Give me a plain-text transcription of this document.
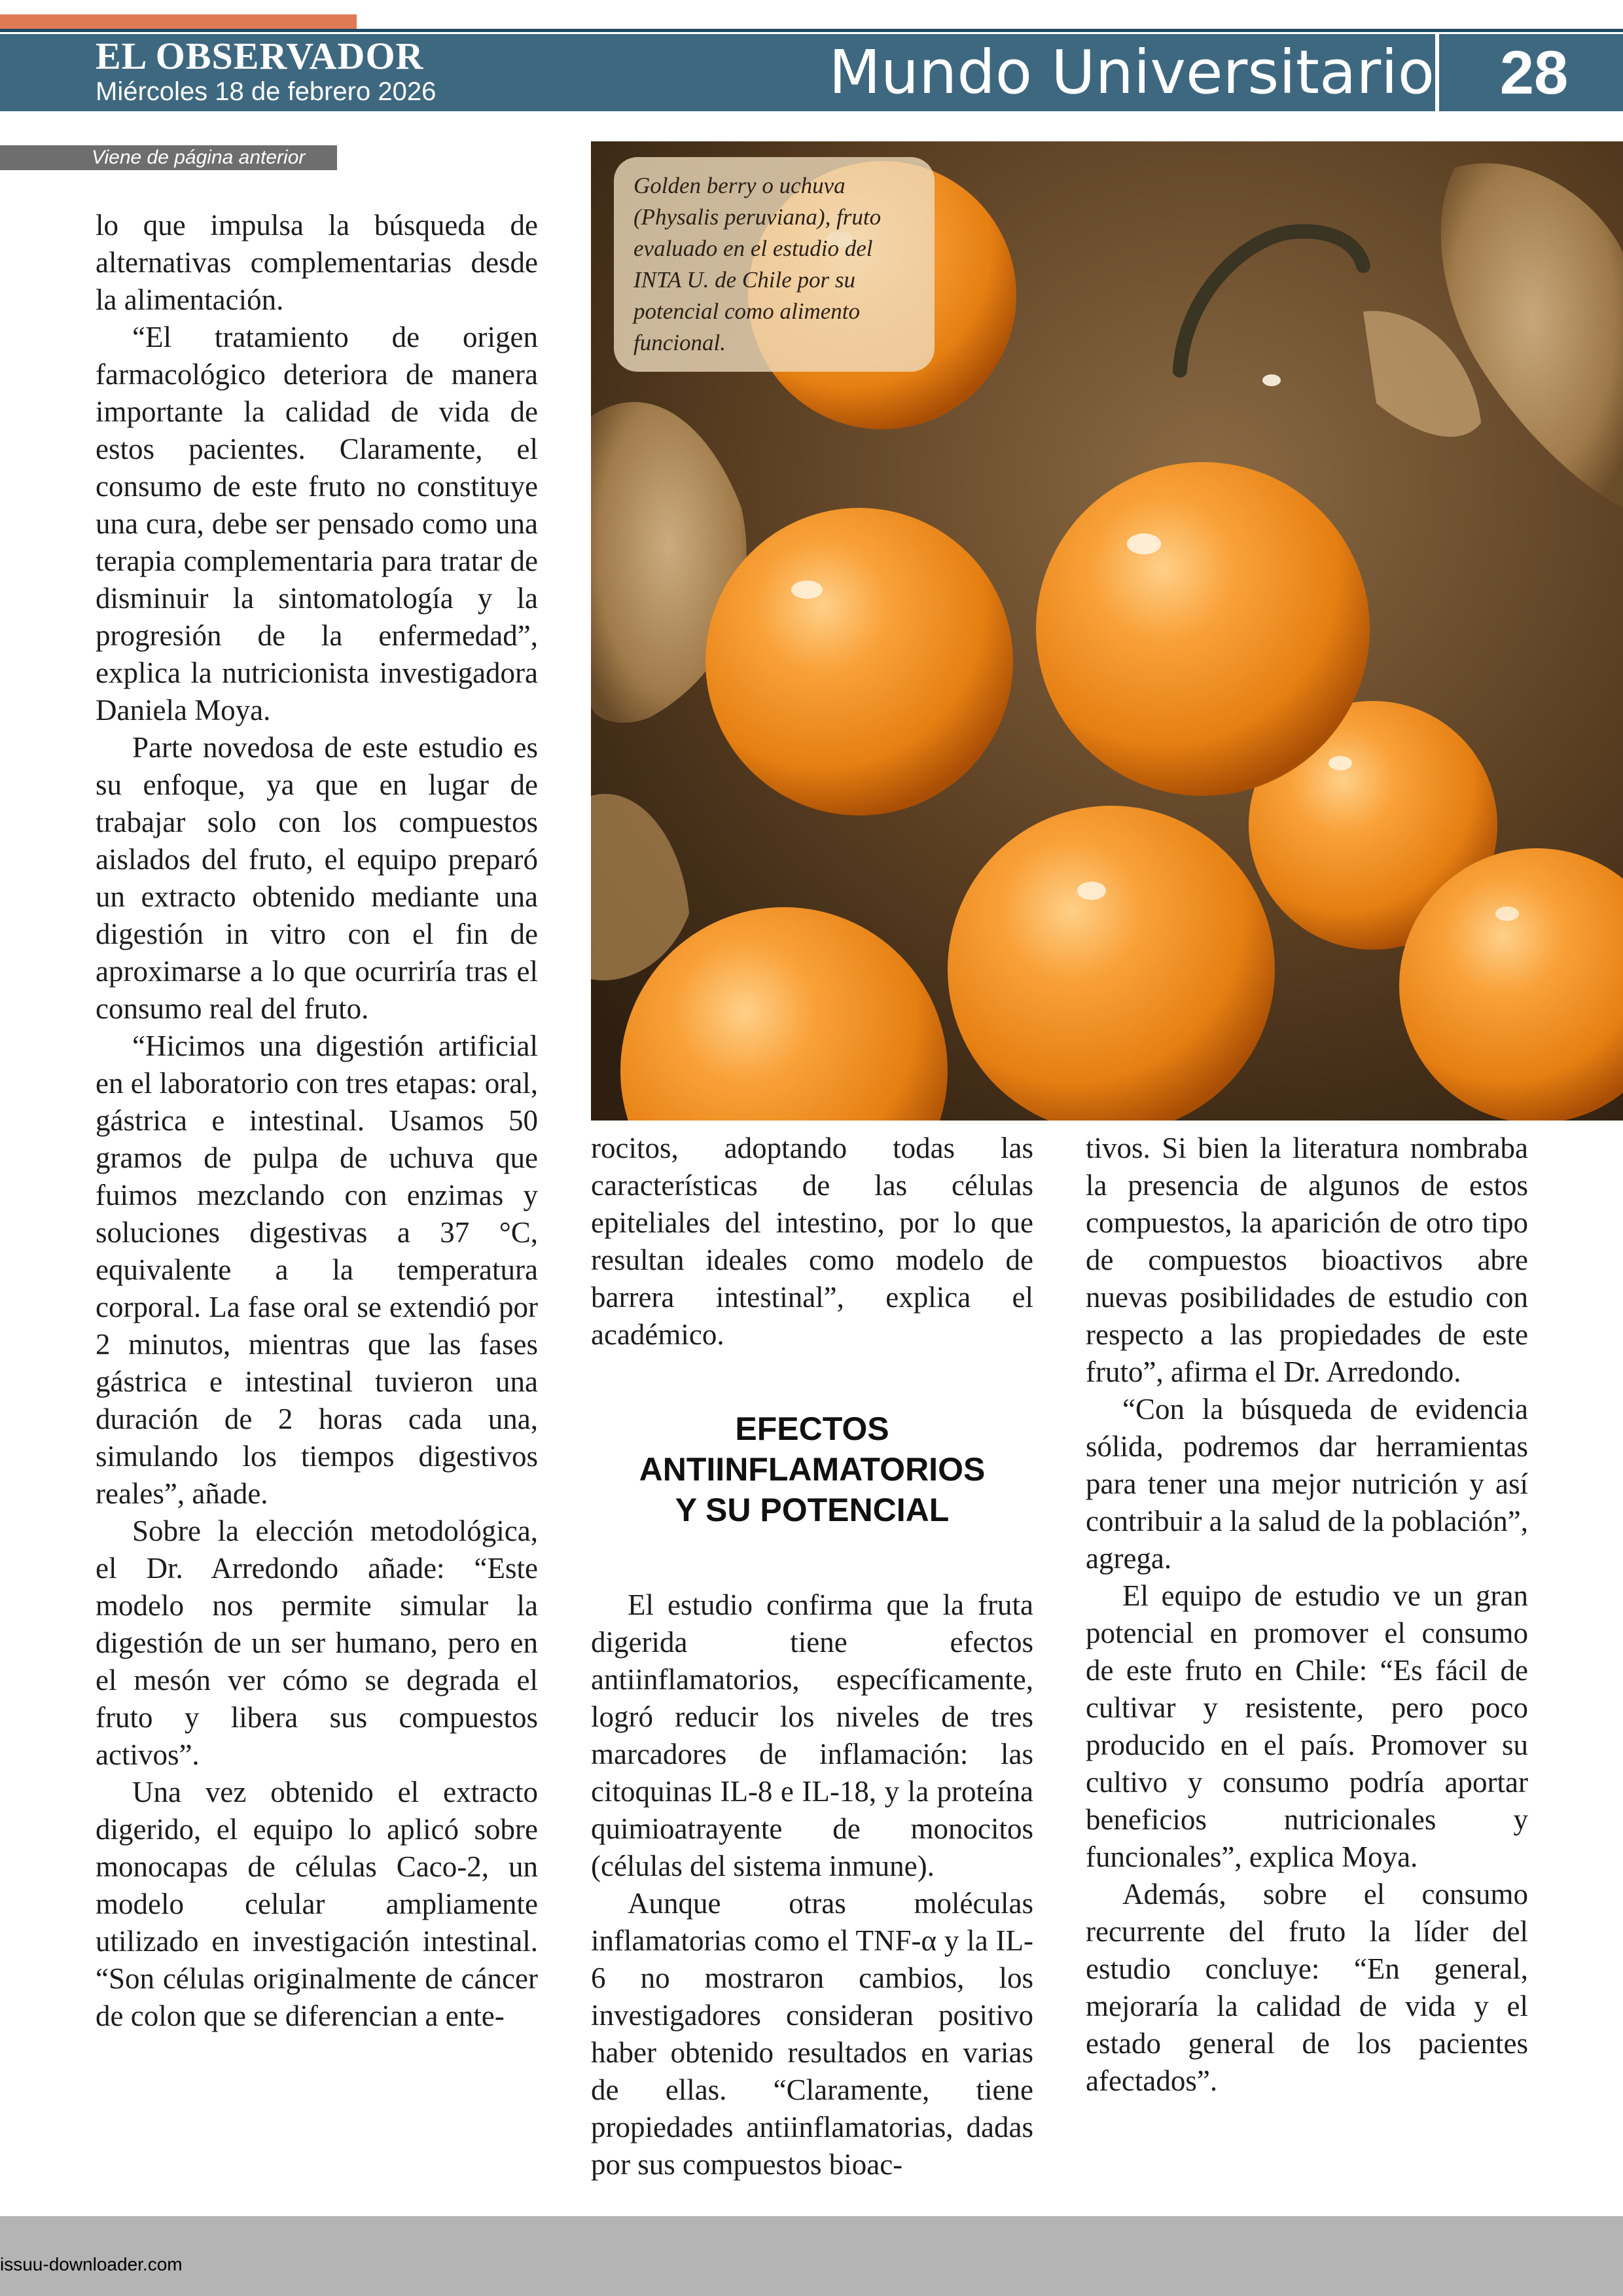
EL OBSERVADOR
Miércoles 18 de febrero 2026	Mundo Universitario	28
Viene de página anterior

lo que impulsa la búsqueda de alternativas complementarias desde la alimentación.

“El tratamiento de origen farmacológico deteriora de manera importante la calidad de vida de estos pacientes. Claramente, el consumo de este fruto no constituye una cura, debe ser pensado como una terapia complementaria para tratar de disminuir la sintomatología y la progresión de la enfermedad”, explica la nutricionista investigadora Daniela Moya.

Parte novedosa de este estudio es su enfoque, ya que en lugar de trabajar solo con los compuestos aislados del fruto, el equipo preparó un extracto obtenido mediante una digestión in vitro con el fin de aproximarse a lo que ocurriría tras el consumo real del fruto.

“Hicimos una digestión artificial en el laboratorio con tres etapas: oral, gástrica e intestinal. Usamos 50 gramos de pulpa de uchuva que fuimos mezclando con enzimas y soluciones digestivas a 37 °C, equivalente a la temperatura corporal. La fase oral se extendió por 2 minutos, mientras que las fases gástrica e intestinal tuvieron una duración de 2 horas cada una, simulando los tiempos digestivos reales”, añade.

Sobre la elección metodológica, el Dr. Arredondo añade: “Este modelo nos permite simular la digestión de un ser humano, pero en el mesón ver cómo se degrada el fruto y libera sus compuestos activos”.

Una vez obtenido el extracto digerido, el equipo lo aplicó sobre monocapas de células Caco-2, un modelo celular ampliamente utilizado en investigación intestinal. “Son células originalmente de cáncer de colon que se diferencian a ente-

Golden berry o uchuva (Physalis peruviana), fruto evaluado en el estudio del INTA U. de Chile por su potencial como alimento funcional.

rocitos, adoptando todas las características de las células epiteliales del intestino, por lo que resultan ideales como modelo de barrera intestinal”, explica el académico.

EFECTOS
ANTIINFLAMATORIOS
Y SU POTENCIAL

El estudio confirma que la fruta digerida tiene efectos antiinflamatorios, específicamente, logró reducir los niveles de tres marcadores de inflamación: las citoquinas IL-8 e IL-18, y la proteína quimioatrayente de monocitos (células del sistema inmune).

Aunque otras moléculas inflamatorias como el TNF-α y la IL-6 no mostraron cambios, los investigadores consideran positivo haber obtenido resultados en varias de ellas. “Claramente, tiene propiedades antiinflamatorias, dadas por sus compuestos bioac-

tivos. Si bien la literatura nombraba la presencia de algunos de estos compuestos, la aparición de otro tipo de compuestos bioactivos abre nuevas posibilidades de estudio con respecto a las propiedades de este fruto”, afirma el Dr. Arredondo.

“Con la búsqueda de evidencia sólida, podremos dar herramientas para tener una mejor nutrición y así contribuir a la salud de la población”, agrega.

El equipo de estudio ve un gran potencial en promover el consumo de este fruto en Chile: “Es fácil de cultivar y resistente, pero poco producido en el país. Promover su cultivo y consumo podría aportar beneficios nutricionales y funcionales”, explica Moya.

Además, sobre el consumo recurrente del fruto la líder del estudio concluye: “En general, mejoraría la calidad de vida y el estado general de los pacientes afectados”.

issuu-downloader.com
